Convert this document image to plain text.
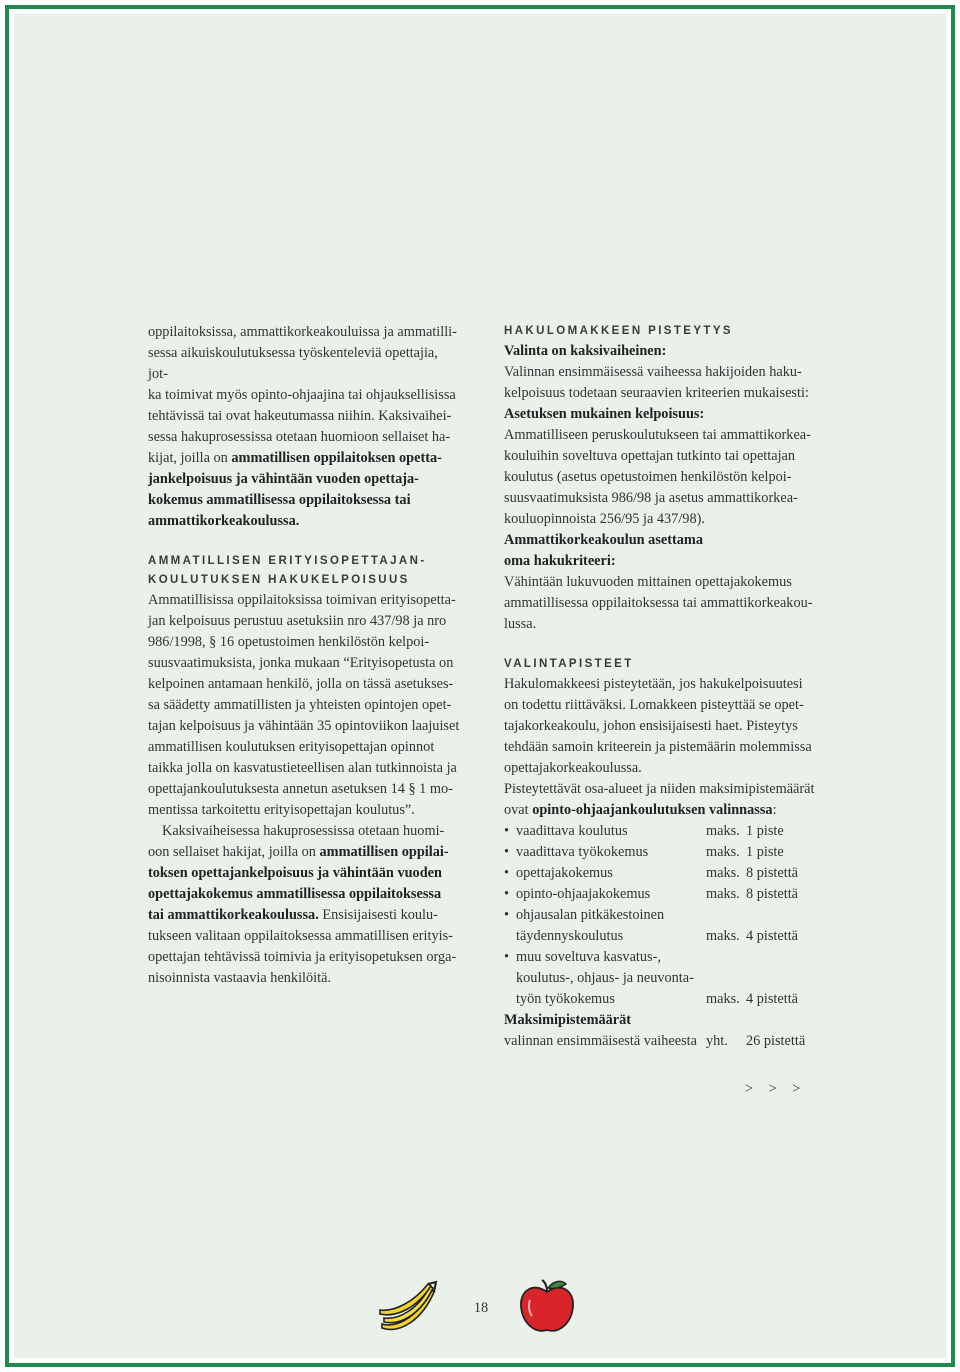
oppilaitoksissa, ammattikorkeakouluissa ja ammatilli-

sessa aikuiskoulutuksessa työskenteleviä opettajia, jot-

ka toimivat myös opinto-ohjaajina tai ohjauksellisissa

tehtävissä tai ovat hakeutumassa niihin. Kaksivaihei-

sessa hakuprosessissa otetaan huomioon sellaiset ha-

kijat, joilla on ammatillisen oppilaitoksen opetta-

jankelpoisuus ja vähintään vuoden opettaja-

kokemus ammatillisessa oppilaitoksessa tai

ammattikorkeakoulussa.

AMMATILLISEN ERITYISOPETTAJAN-

KOULUTUKSEN HAKUKELPOISUUS

Ammatillisissa oppilaitoksissa toimivan erityisopetta-

jan kelpoisuus perustuu asetuksiin nro 437/98 ja nro

986/1998, § 16 opetustoimen henkilöstön kelpoi-

suusvaatimuksista, jonka mukaan “Erityisopetusta on

kelpoinen antamaan henkilö, jolla on tässä asetukses-

sa säädetty ammatillisten ja yhteisten opintojen opet-

tajan kelpoisuus ja vähintään 35 opintoviikon laajuiset

ammatillisen koulutuksen erityisopettajan opinnot

taikka jolla on kasvatustieteellisen alan tutkinnoista ja

opettajankoulutuksesta annetun asetuksen 14 § 1 mo-

mentissa tarkoitettu erityisopettajan koulutus”.

Kaksivaiheisessa hakuprosessissa otetaan huomi-

oon sellaiset hakijat, joilla on ammatillisen oppilai-

toksen opettajankelpoisuus ja vähintään vuoden

opettajakokemus ammatillisessa oppilaitoksessa

tai ammattikorkeakoulussa. Ensisijaisesti koulu-

tukseen valitaan oppilaitoksessa ammatillisen erityis-

opettajan tehtävissä toimivia ja erityisopetuksen orga-

nisoinnista vastaavia henkilöitä.

HAKULOMAKKEEN PISTEYTYS

Valinta on kaksivaiheinen:

Valinnan ensimmäisessä vaiheessa hakijoiden haku-

kelpoisuus todetaan seuraavien kriteerien mukaisesti:

Asetuksen mukainen kelpoisuus:

Ammatilliseen peruskoulutukseen tai ammattikorkea-

kouluihin soveltuva opettajan tutkinto tai opettajan

koulutus (asetus opetustoimen henkilöstön kelpoi-

suusvaatimuksista 986/98 ja asetus ammattikorkea-

kouluopinnoista 256/95 ja 437/98).

Ammattikorkeakoulun asettama

oma hakukriteeri:

Vähintään lukuvuoden mittainen opettajakokemus

ammatillisessa oppilaitoksessa tai ammattikorkeakou-

lussa.

VALINTAPISTEET

Hakulomakkeesi pisteytetään, jos hakukelpoisuutesi

on todettu riittäväksi. Lomakkeen pisteyttää se opet-

tajakorkeakoulu, johon ensisijaisesti haet. Pisteytys

tehdään samoin kriteerein ja pistemäärin molemmissa

opettajakorkeakoulussa.

Pisteytettävät osa-alueet ja niiden maksimipistemäärät

ovat opinto-ohjaajankoulutuksen valinnassa:

• vaadittava koulutus	maks. 1 piste
• vaadittava työkokemus	maks. 1 piste
• opettajakokemus	maks. 8 pistettä
• opinto-ohjaajakokemus	maks. 8 pistettä
• ohjausalan pitkäkestoinen
täydennyskoulutus	maks. 4 pistettä
• muu soveltuva kasvatus-,
koulutus-, ohjaus- ja neuvonta-
työn työkokemus	maks. 4 pistettä

Maksimipistemäärät

valinnan ensimmäisestä vaiheesta yht.	26 pistettä
> > >
18
